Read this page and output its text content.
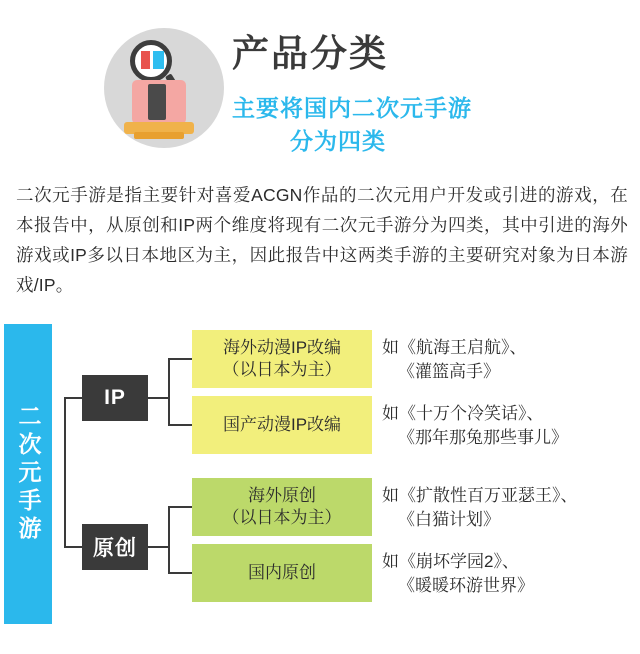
产品分类
主要将国内二次元手游
分为四类
二次元手游是指主要针对喜爱ACGN作品的二次元用户开发或引进的游戏，在本报告中，从原创和IP两个维度将现有二次元手游分为四类，其中引进的海外游戏或IP多以日本地区为主，因此报告中这两类手游的主要研究对象为日本游戏/IP。
二次元手游
IP
原创
海外动漫IP改编
（以日本为主）
国产动漫IP改编
海外原创
（以日本为主）
国内原创
如《航海王启航》、
《灌篮高手》
如《十万个冷笑话》、
《那年那兔那些事儿》
如《扩散性百万亚瑟王》、
《白猫计划》
如《崩坏学园2》、
《暖暖环游世界》
